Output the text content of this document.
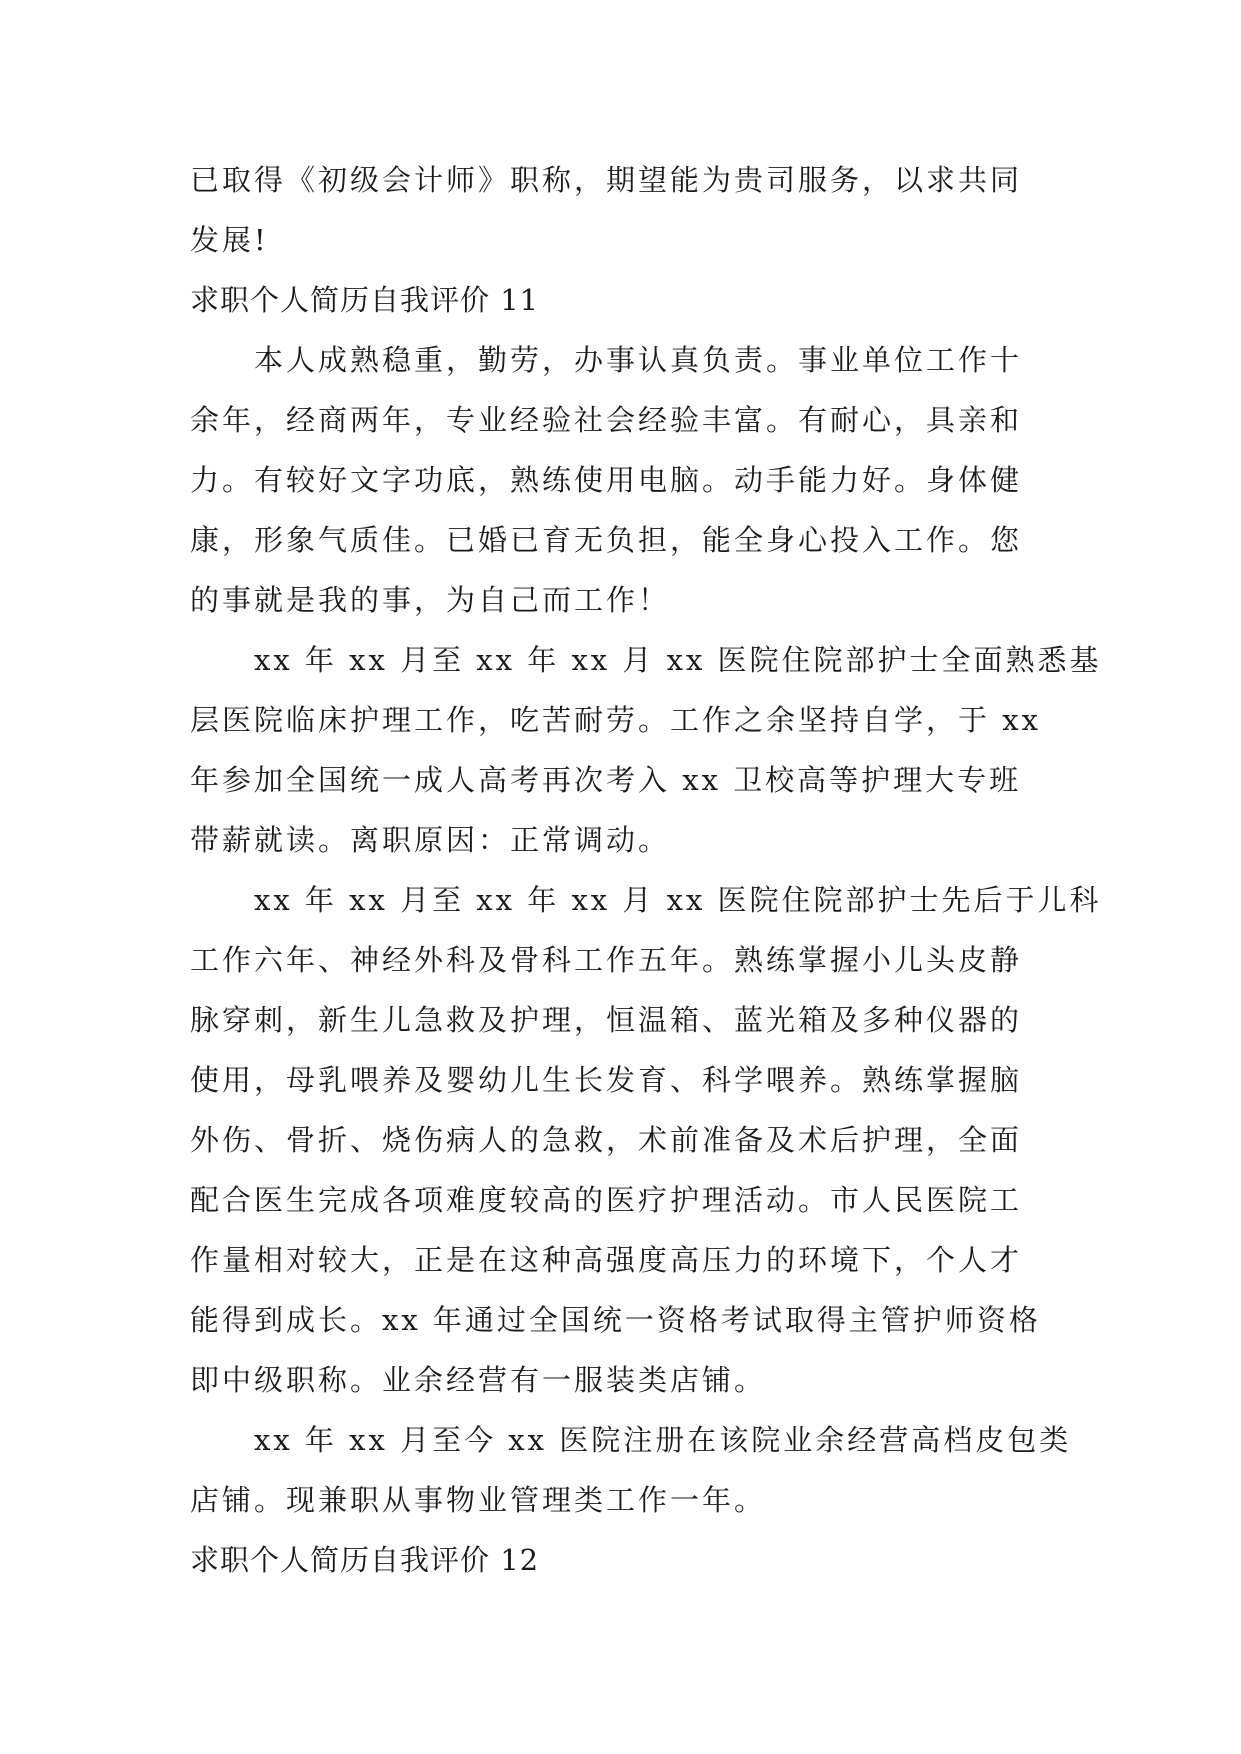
已取得《初级会计师》职称，期望能为贵司服务，以求共同
发展!
求职个人简历自我评价 11
本人成熟稳重，勤劳，办事认真负责。事业单位工作十
余年，经商两年，专业经验社会经验丰富。有耐心，具亲和
力。有较好文字功底，熟练使用电脑。动手能力好。身体健
康，形象气质佳。已婚已育无负担，能全身心投入工作。您
的事就是我的事，为自己而工作！
xx 年 xx 月至 xx 年 xx 月 xx 医院住院部护士全面熟悉基
层医院临床护理工作，吃苦耐劳。工作之余坚持自学，于 xx
年参加全国统一成人高考再次考入 xx 卫校高等护理大专班
带薪就读。离职原因：正常调动。
xx 年 xx 月至 xx 年 xx 月 xx 医院住院部护士先后于儿科
工作六年、神经外科及骨科工作五年。熟练掌握小儿头皮静
脉穿刺，新生儿急救及护理，恒温箱、蓝光箱及多种仪器的
使用，母乳喂养及婴幼儿生长发育、科学喂养。熟练掌握脑
外伤、骨折、烧伤病人的急救，术前准备及术后护理，全面
配合医生完成各项难度较高的医疗护理活动。市人民医院工
作量相对较大，正是在这种高强度高压力的环境下，个人才
能得到成长。xx 年通过全国统一资格考试取得主管护师资格
即中级职称。业余经营有一服装类店铺。
xx 年 xx 月至今 xx 医院注册在该院业余经营高档皮包类
店铺。现兼职从事物业管理类工作一年。
求职个人简历自我评价 12
